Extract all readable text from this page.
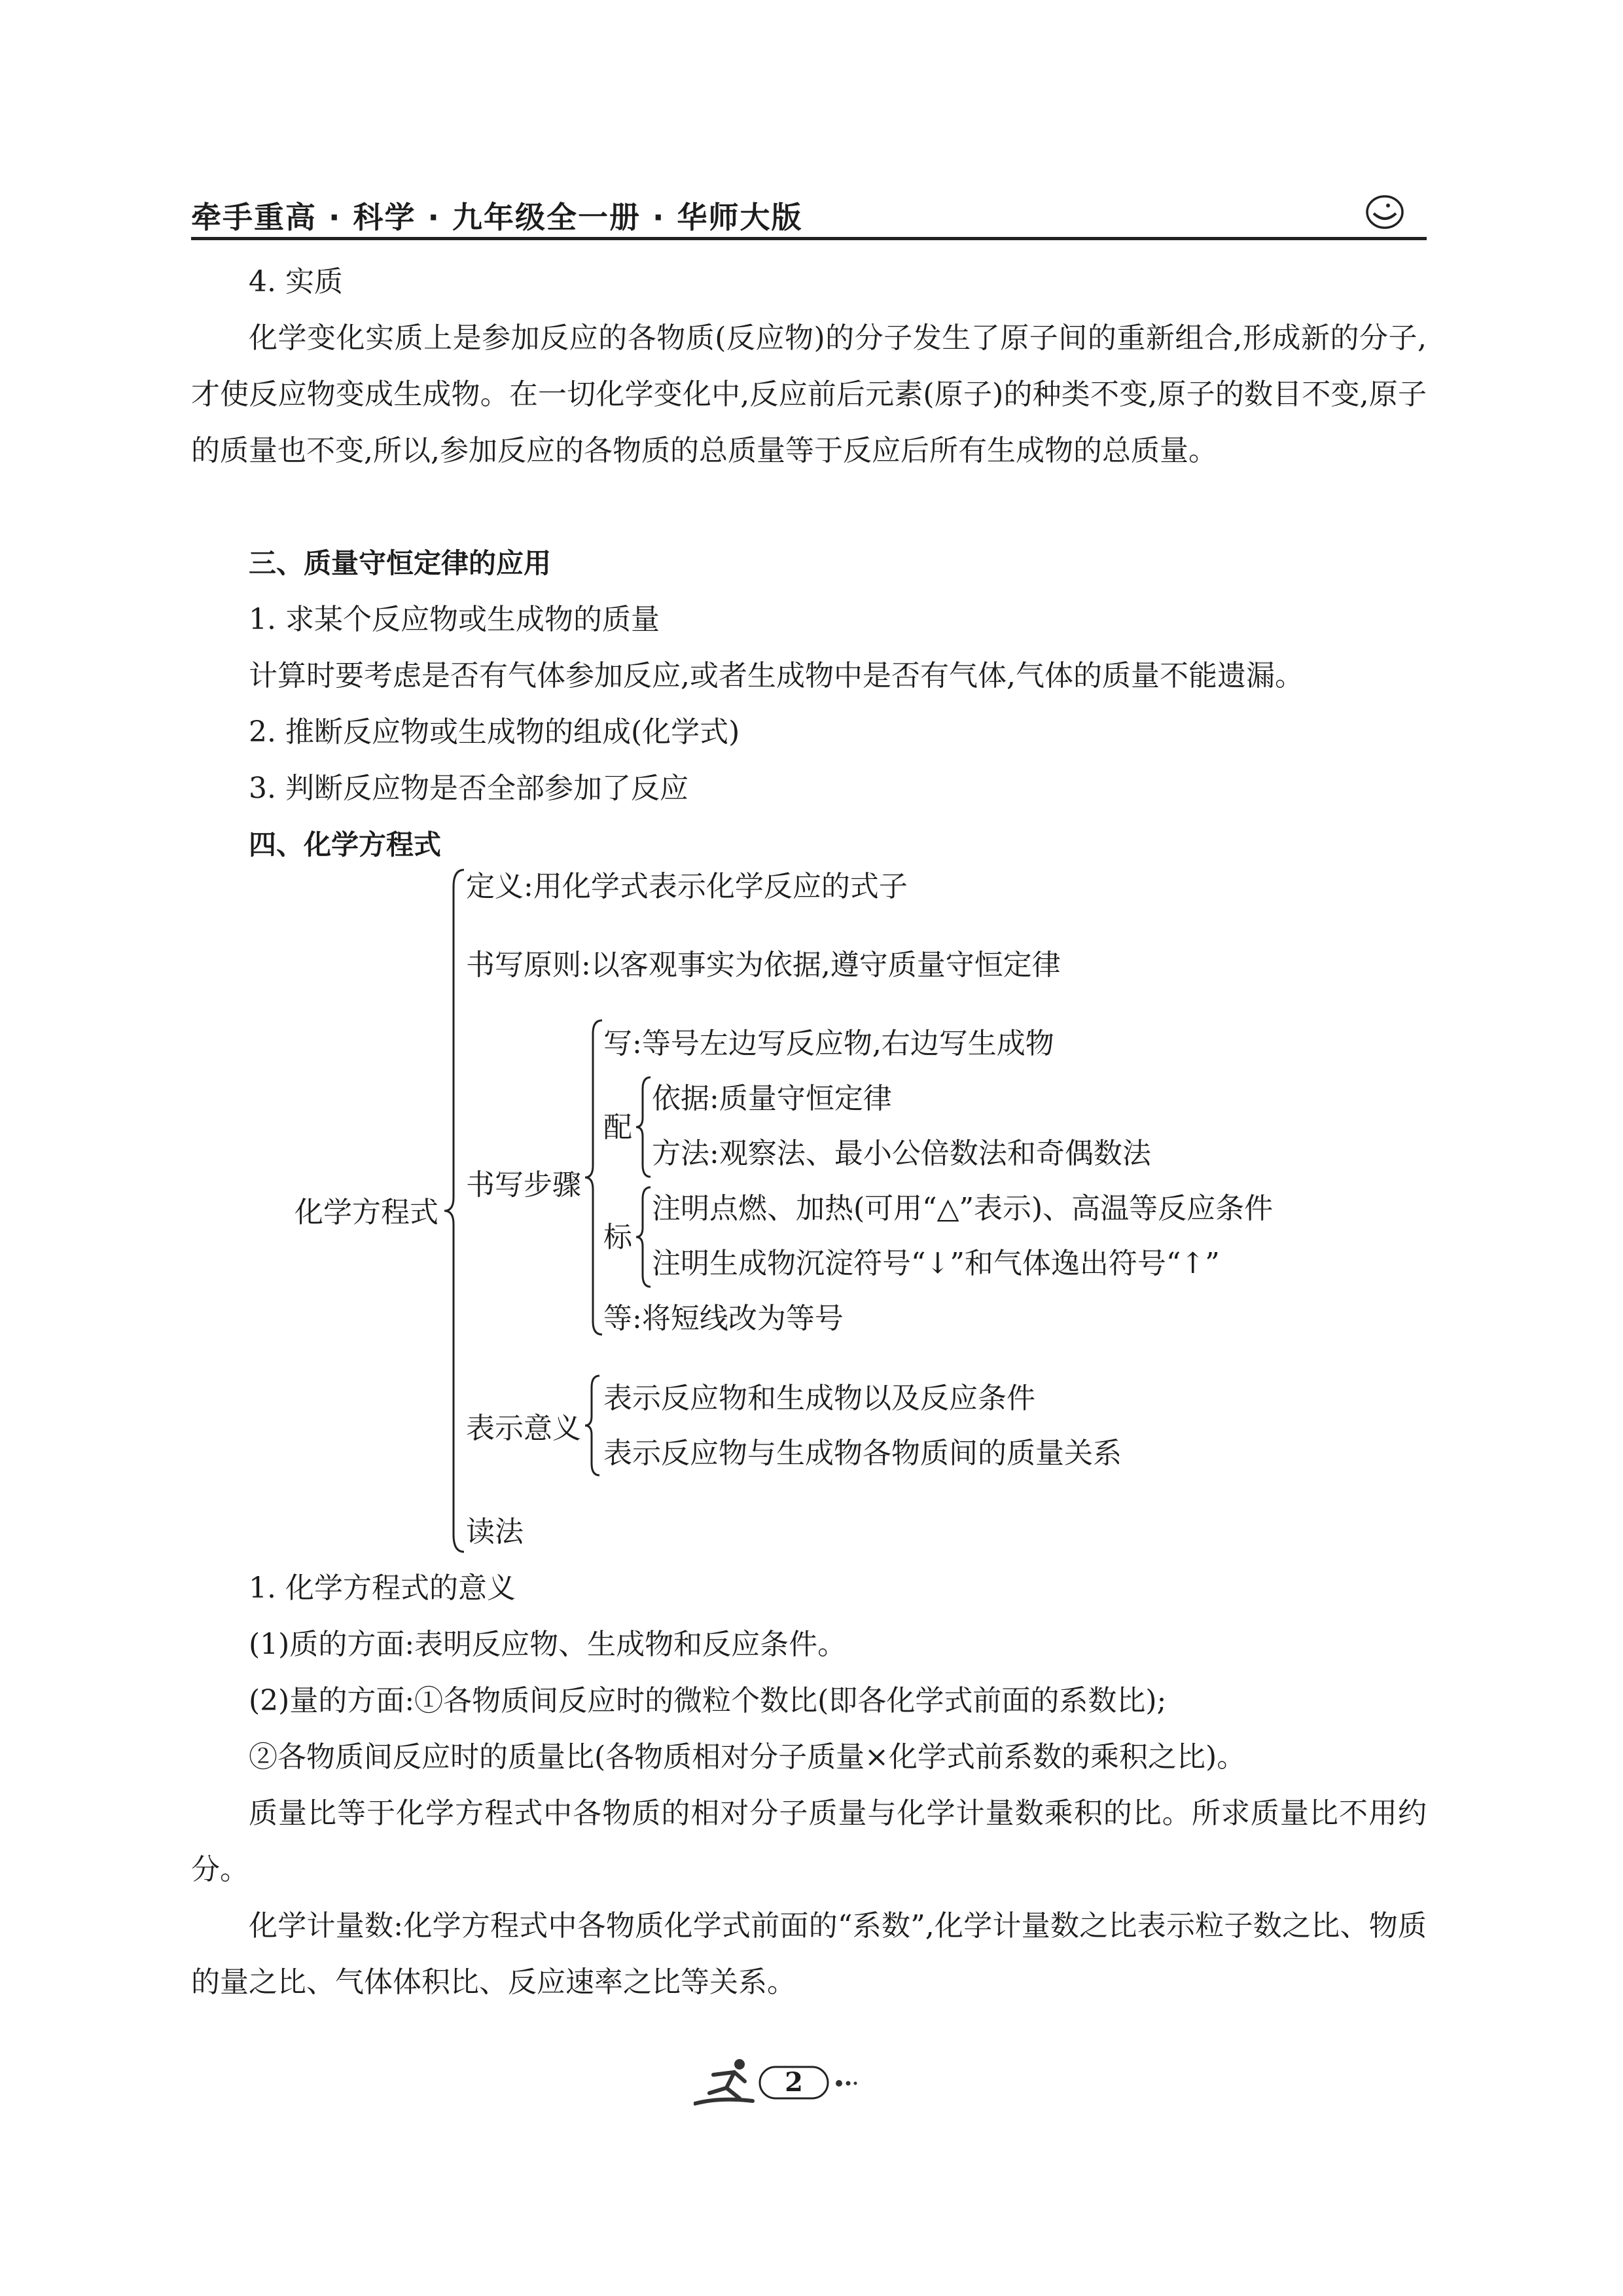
牵手重高 · 科学 · 九年级全一册 · 华师大版
4. 实质

化学变化实质上是参加反应的各物质(反应物)的分子发生了原子间的重新组合,形成新的分子,才使反应物变成生成物。在一切化学变化中,反应前后元素(原子)的种类不变,原子的数目不变,原子的质量也不变,所以,参加反应的各物质的总质量等于反应后所有生成物的总质量。

三、质量守恒定律的应用
1. 求某个反应物或生成物的质量
计算时要考虑是否有气体参加反应,或者生成物中是否有气体,气体的质量不能遗漏。
2. 推断反应物或生成物的组成(化学式)
3. 判断反应物是否全部参加了反应
四、化学方程式
化学方程式
定义:用化学式表示化学反应的式子
书写原则:以客观事实为依据,遵守质量守恒定律
书写步骤
写:等号左边写反应物,右边写生成物
配
依据:质量守恒定律
方法:观察法、最小公倍数法和奇偶数法
标
注明点燃、加热(可用“△”表示)、高温等反应条件
注明生成物沉淀符号“↓”和气体逸出符号“↑”
等:将短线改为等号
表示意义
表示反应物和生成物以及反应条件
表示反应物与生成物各物质间的质量关系
读法
1. 化学方程式的意义
(1)质的方面:表明反应物、生成物和反应条件。
(2)量的方面:①各物质间反应时的微粒个数比(即各化学式前面的系数比);
②各物质间反应时的质量比(各物质相对分子质量×化学式前系数的乘积之比)。

质量比等于化学方程式中各物质的相对分子质量与化学计量数乘积的比。所求质量比不用约分。

化学计量数:化学方程式中各物质化学式前面的“系数”,化学计量数之比表示粒子数之比、物质的量之比、气体体积比、反应速率之比等关系。

2
